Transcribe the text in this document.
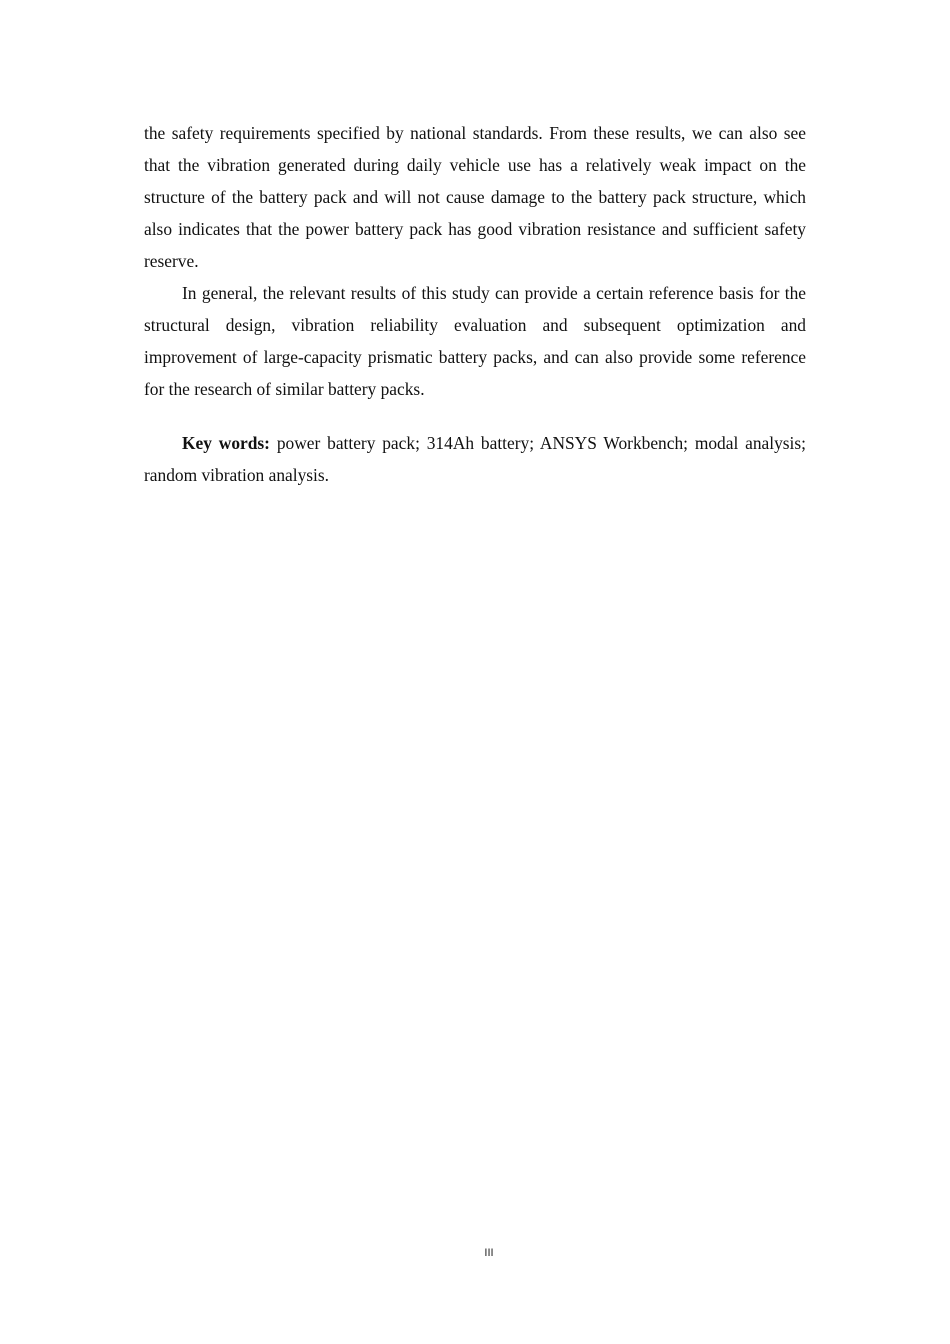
the safety requirements specified by national standards. From these results, we can also see that the vibration generated during daily vehicle use has a relatively weak impact on the structure of the battery pack and will not cause damage to the battery pack structure, which also indicates that the power battery pack has good vibration resistance and sufficient safety reserve.

In general, the relevant results of this study can provide a certain reference basis for the structural design, vibration reliability evaluation and subsequent optimization and improvement of large-capacity prismatic battery packs, and can also provide some reference for the research of similar battery packs.

Key words: power battery pack; 314Ah battery; ANSYS Workbench; modal analysis; random vibration analysis.

III
